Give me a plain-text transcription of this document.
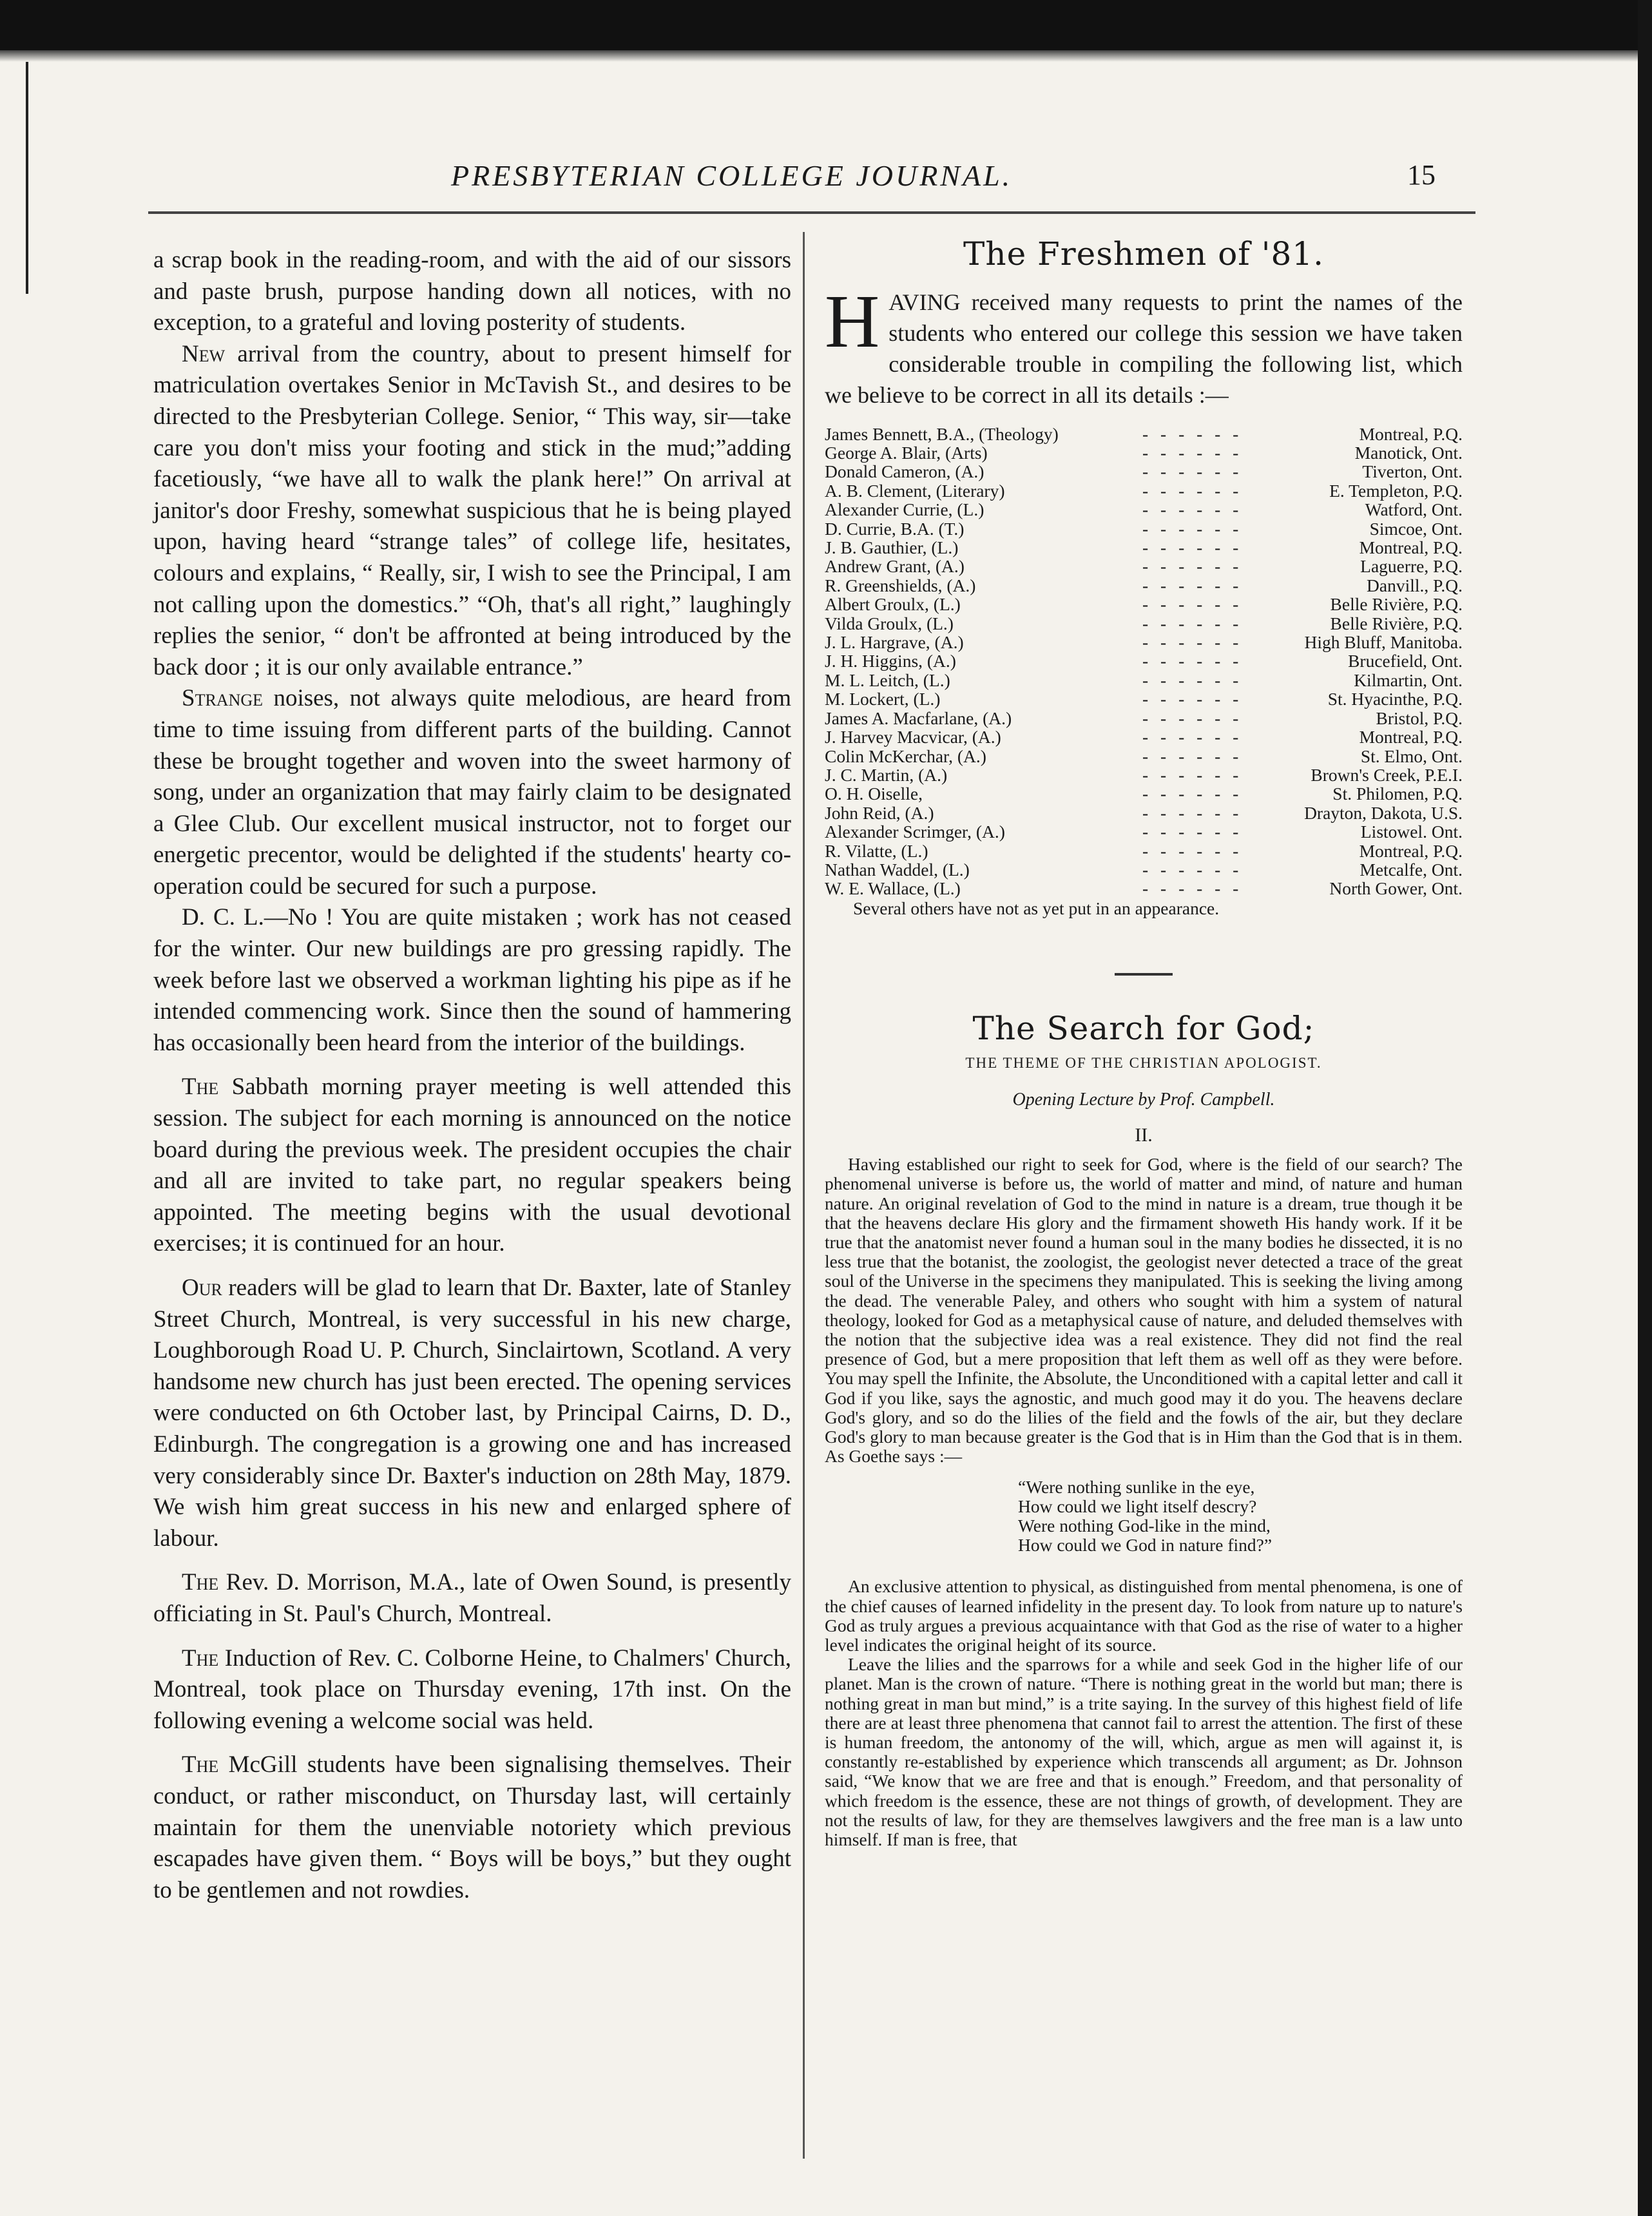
PRESBYTERIAN COLLEGE JOURNAL.	15

a scrap book in the reading-room, and with the aid of our sissors and paste brush, purpose handing down all notices, with no exception, to a grateful and loving posterity of students.

New arrival from the country, about to present himself for matriculation overtakes Senior in McTavish St., and desires to be directed to the Presbyterian College. Senior, “ This way, sir—take care you don't miss your footing and stick in the mud;”adding facetiously, “we have all to walk the plank here!” On arrival at janitor's door Freshy, somewhat suspicious that he is being played upon, having heard “strange tales” of college life, hesitates, colours and explains, “ Really, sir, I wish to see the Principal, I am not calling upon the domestics.” “Oh, that's all right,” laughingly replies the senior, “ don't be affronted at being introduced by the back door ; it is our only available entrance.”

Strange noises, not always quite melodious, are heard from time to time issuing from different parts of the building. Cannot these be brought together and woven into the sweet harmony of song, under an organization that may fairly claim to be designated a Glee Club. Our excellent musical instructor, not to forget our energetic precentor, would be delighted if the students' hearty co-operation could be secured for such a purpose.

D. C. L.—No ! You are quite mistaken ; work has not ceased for the winter. Our new buildings are pro gressing rapidly. The week before last we observed a workman lighting his pipe as if he intended commencing work. Since then the sound of hammering has occasionally been heard from the interior of the buildings.

The Sabbath morning prayer meeting is well attended this session. The subject for each morning is announced on the notice board during the previous week. The president occupies the chair and all are invited to take part, no regular speakers being appointed. The meeting begins with the usual devotional exercises; it is continued for an hour.

Our readers will be glad to learn that Dr. Baxter, late of Stanley Street Church, Montreal, is very successful in his new charge, Loughborough Road U. P. Church, Sinclairtown, Scotland. A very handsome new church has just been erected. The opening services were conducted on 6th October last, by Principal Cairns, D. D., Edinburgh. The congregation is a growing one and has increased very considerably since Dr. Baxter's induction on 28th May, 1879. We wish him great success in his new and enlarged sphere of labour.

The Rev. D. Morrison, M.A., late of Owen Sound, is presently officiating in St. Paul's Church, Montreal.

The Induction of Rev. C. Colborne Heine, to Chalmers' Church, Montreal, took place on Thursday evening, 17th inst. On the following evening a welcome social was held.

The McGill students have been signalising themselves. Their conduct, or rather misconduct, on Thursday last, will certainly maintain for them the unenviable notoriety which previous escapades have given them. “ Boys will be boys,” but they ought to be gentlemen and not rowdies.

The Freshmen of '81.

HAVING received many requests to print the names of the students who entered our college this session we have taken considerable trouble in compiling the following list, which we believe to be correct in all its details :—

James Bennett, B.A., (Theology)	- - - - - -	Montreal, P.Q.
George A. Blair, (Arts)	- - - - - -	Manotick, Ont.
Donald Cameron, (A.)	- - - - - -	Tiverton, Ont.
A. B. Clement, (Literary)	- - - - - -	E. Templeton, P.Q.
Alexander Currie, (L.)	- - - - - -	Watford, Ont.
D. Currie, B.A. (T.)	- - - - - -	Simcoe, Ont.
J. B. Gauthier, (L.)	- - - - - -	Montreal, P.Q.
Andrew Grant, (A.)	- - - - - -	Laguerre, P.Q.
R. Greenshields, (A.)	- - - - - -	Danvill., P.Q.
Albert Groulx, (L.)	- - - - - -	Belle Rivière, P.Q.
Vilda Groulx, (L.)	- - - - - -	Belle Rivière, P.Q.
J. L. Hargrave, (A.)	- - - - - -	High Bluff, Manitoba.
J. H. Higgins, (A.)	- - - - - -	Brucefield, Ont.
M. L. Leitch, (L.)	- - - - - -	Kilmartin, Ont.
M. Lockert, (L.)	- - - - - -	St. Hyacinthe, P.Q.
James A. Macfarlane, (A.)	- - - - - -	Bristol, P.Q.
J. Harvey Macvicar, (A.)	- - - - - -	Montreal, P.Q.
Colin McKerchar, (A.)	- - - - - -	St. Elmo, Ont.
J. C. Martin, (A.)	- - - - - -	Brown's Creek, P.E.I.
O. H. Oiselle,	- - - - - -	St. Philomen, P.Q.
John Reid, (A.)	- - - - - -	Drayton, Dakota, U.S.
Alexander Scrimger, (A.)	- - - - - -	Listowel. Ont.
R. Vilatte, (L.)	- - - - - -	Montreal, P.Q.
Nathan Waddel, (L.)	- - - - - -	Metcalfe, Ont.
W. E. Wallace, (L.)	- - - - - -	North Gower, Ont.

Several others have not as yet put in an appearance.

The Search for God;
THE THEME OF THE CHRISTIAN APOLOGIST.
Opening Lecture by Prof. Campbell.
II.

Having established our right to seek for God, where is the field of our search? The phenomenal universe is before us, the world of matter and mind, of nature and human nature. An original revelation of God to the mind in nature is a dream, true though it be that the heavens declare His glory and the firmament showeth His handy work. If it be true that the anatomist never found a human soul in the many bodies he dissected, it is no less true that the botanist, the zoologist, the geologist never detected a trace of the great soul of the Universe in the specimens they manipulated. This is seeking the living among the dead. The venerable Paley, and others who sought with him a system of natural theology, looked for God as a metaphysical cause of nature, and deluded themselves with the notion that the subjective idea was a real existence. They did not find the real presence of God, but a mere proposition that left them as well off as they were before. You may spell the Infinite, the Absolute, the Unconditioned with a capital letter and call it God if you like, says the agnostic, and much good may it do you. The heavens declare God's glory, and so do the lilies of the field and the fowls of the air, but they declare God's glory to man because greater is the God that is in Him than the God that is in them. As Goethe says :—

“Were nothing sunlike in the eye,
How could we light itself descry?
Were nothing God-like in the mind,
How could we God in nature find?”

An exclusive attention to physical, as distinguished from mental phenomena, is one of the chief causes of learned infidelity in the present day. To look from nature up to nature's God as truly argues a previous acquaintance with that God as the rise of water to a higher level indicates the original height of its source.

Leave the lilies and the sparrows for a while and seek God in the higher life of our planet. Man is the crown of nature. “There is nothing great in the world but man; there is nothing great in man but mind,” is a trite saying. In the survey of this highest field of life there are at least three phenomena that cannot fail to arrest the attention. The first of these is human freedom, the antonomy of the will, which, argue as men will against it, is constantly re-established by experience which transcends all argument; as Dr. Johnson said, “We know that we are free and that is enough.” Freedom, and that personality of which freedom is the essence, these are not things of growth, of development. They are not the results of law, for they are themselves lawgivers and the free man is a law unto himself. If man is free, that
